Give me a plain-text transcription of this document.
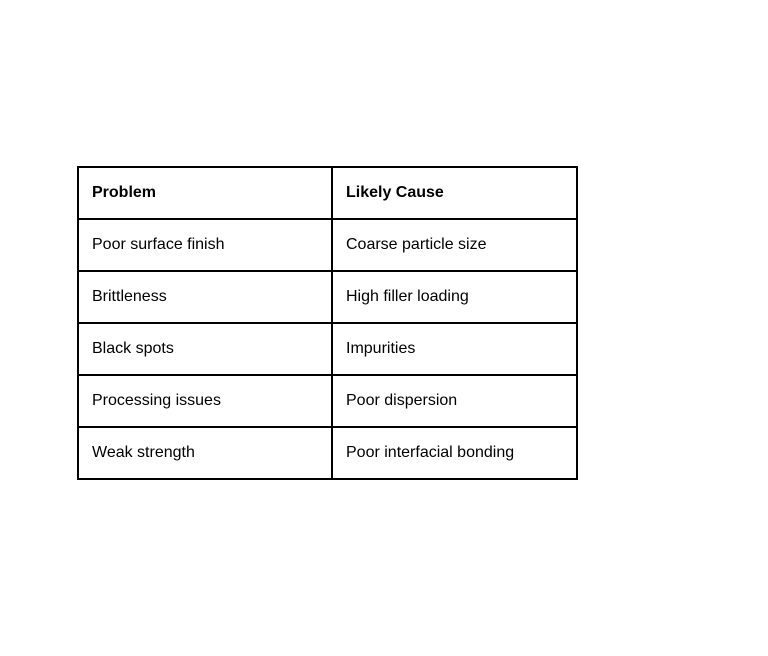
Problem	Likely Cause
Poor surface finish	Coarse particle size
Brittleness	High filler loading
Black spots	Impurities
Processing issues	Poor dispersion
Weak strength	Poor interfacial bonding
